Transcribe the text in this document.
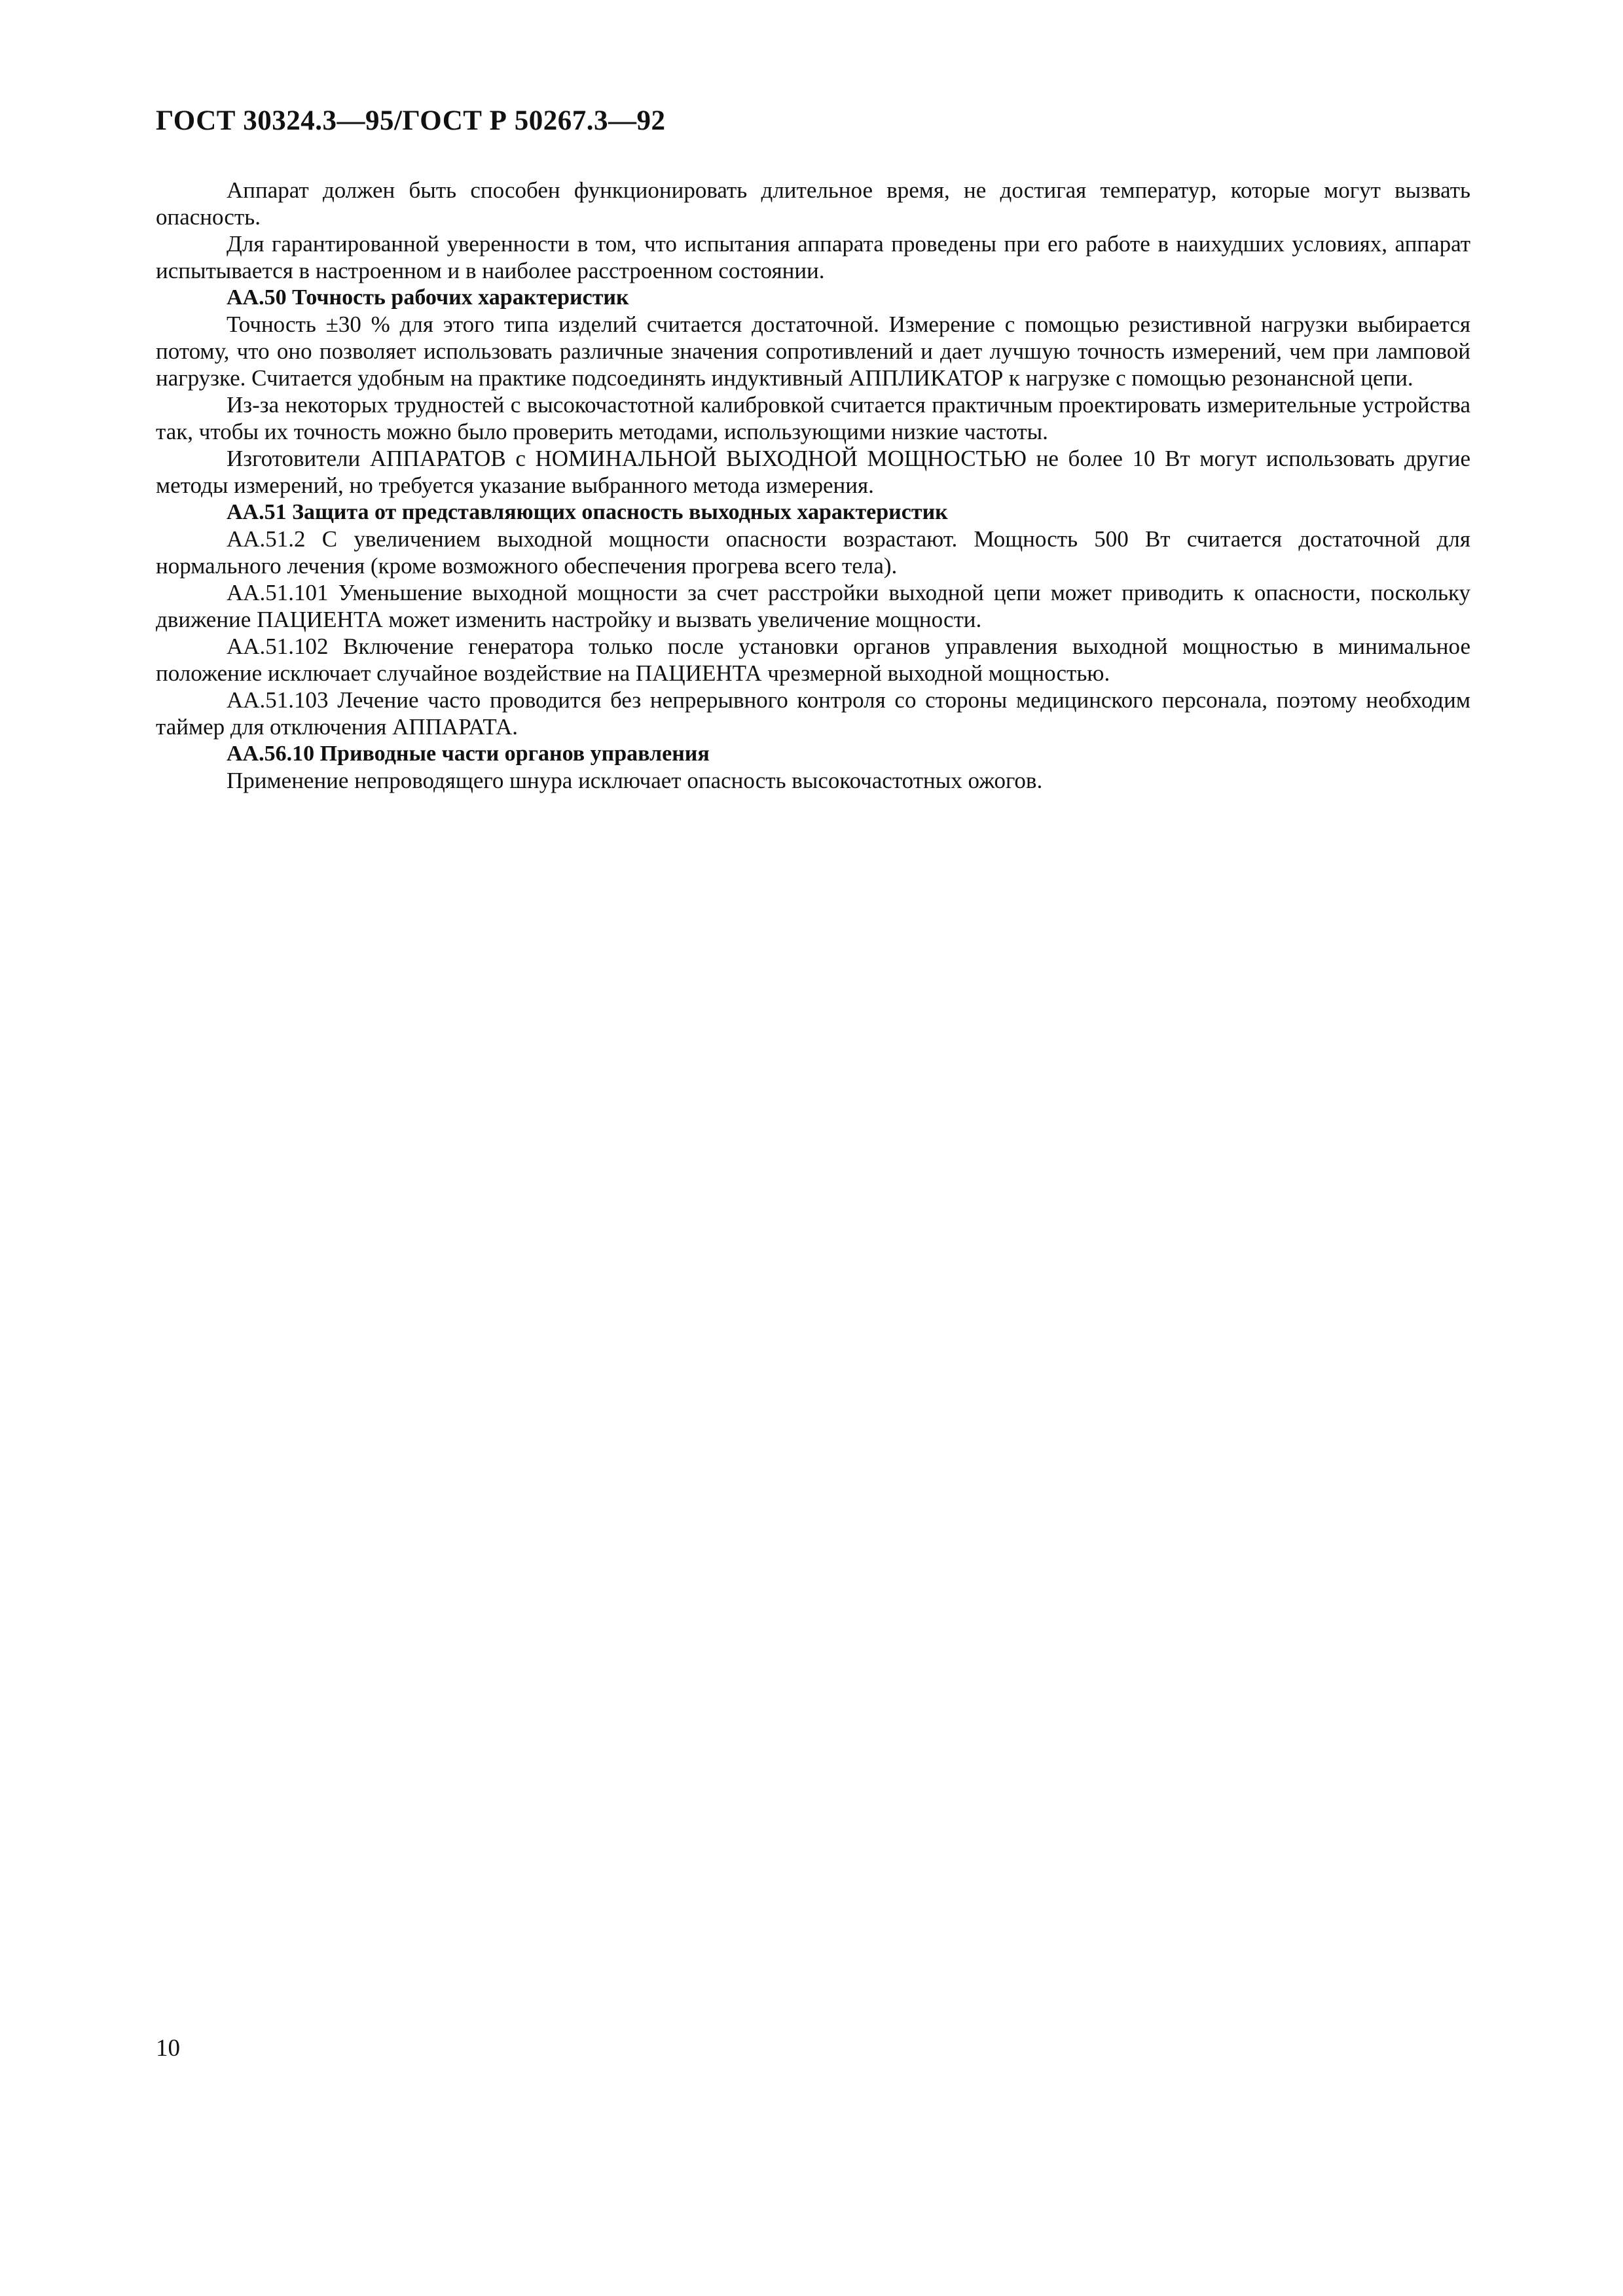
ГОСТ 30324.3—95/ГОСТ Р 50267.3—92

Аппарат должен быть способен функционировать длительное время, не достигая температур, которые могут вызвать опасность.

Для гарантированной уверенности в том, что испытания аппарата проведены при его работе в наихудших условиях, аппарат испытывается в настроенном и в наиболее расстроенном состоянии.

АА.50 Точность рабочих характеристик

Точность ±30 % для этого типа изделий считается достаточной. Измерение с помощью резистивной нагрузки выбирается потому, что оно позволяет использовать различные значения сопротивлений и дает лучшую точность измерений, чем при ламповой нагрузке. Считается удобным на практике подсоединять индуктивный АППЛИКАТОР к нагрузке с помощью резонансной цепи.

Из-за некоторых трудностей с высокочастотной калибровкой считается практичным проектировать измерительные устройства так, чтобы их точность можно было проверить методами, использующими низкие частоты.

Изготовители АППАРАТОВ с НОМИНАЛЬНОЙ ВЫХОДНОЙ МОЩНОСТЬЮ не более 10 Вт могут использовать другие методы измерений, но требуется указание выбранного метода измерения.

АА.51 Защита от представляющих опасность выходных характеристик

АА.51.2 С увеличением выходной мощности опасности возрастают. Мощность 500 Вт считается достаточной для нормального лечения (кроме возможного обеспечения прогрева всего тела).

АА.51.101 Уменьшение выходной мощности за счет расстройки выходной цепи может приводить к опасности, поскольку движение ПАЦИЕНТА может изменить настройку и вызвать увеличение мощности.

АА.51.102 Включение генератора только после установки органов управления выходной мощностью в минимальное положение исключает случайное воздействие на ПАЦИЕНТА чрезмерной выходной мощностью.

АА.51.103 Лечение часто проводится без непрерывного контроля со стороны медицинского персонала, поэтому необходим таймер для отключения АППАРАТА.

АА.56.10 Приводные части органов управления

Применение непроводящего шнура исключает опасность высокочастотных ожогов.

10
